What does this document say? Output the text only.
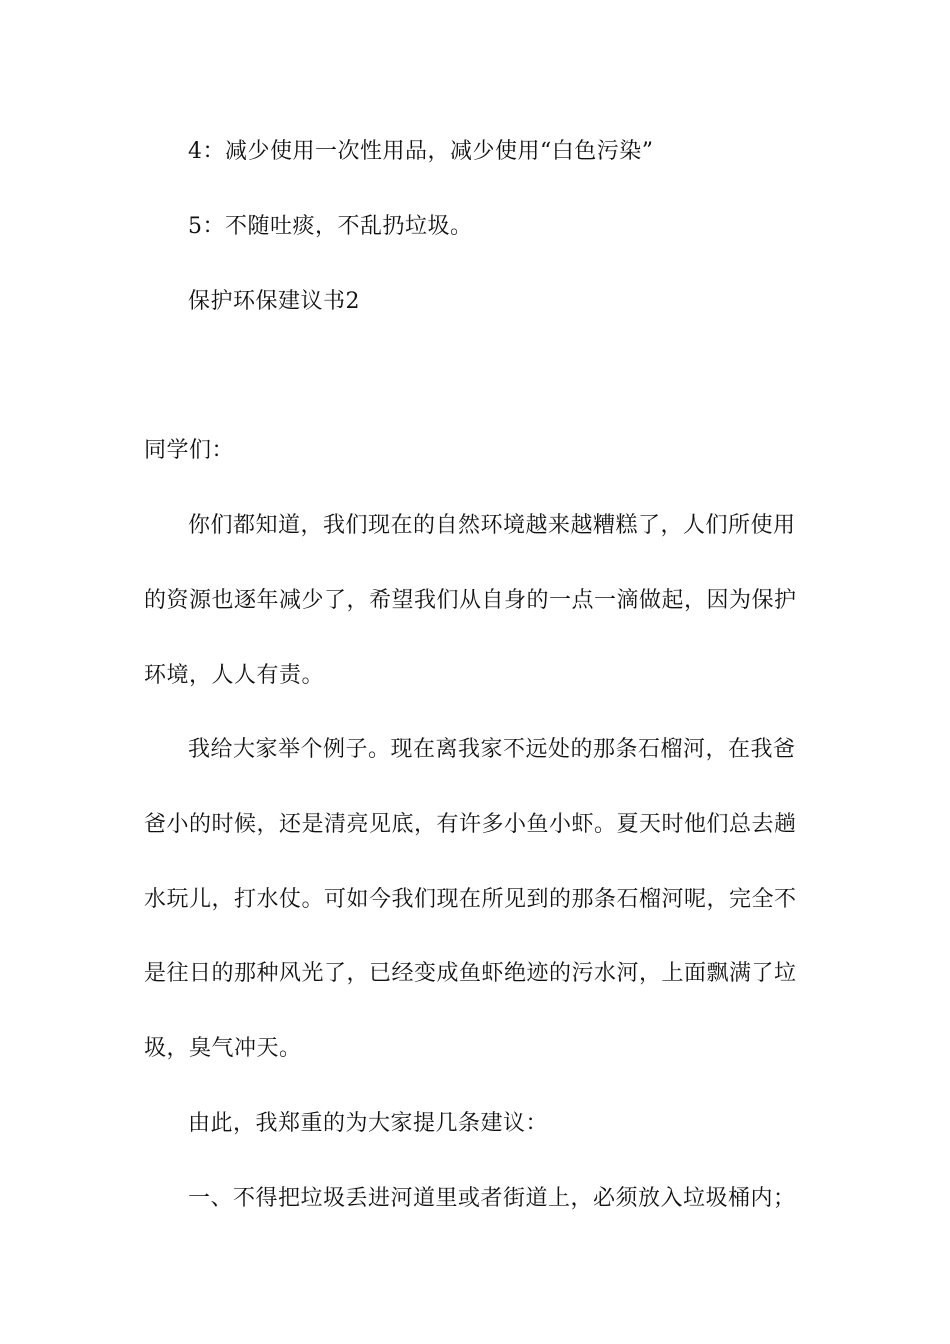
4：减少使用一次性用品，减少使用“白色污染”
5：不随吐痰，不乱扔垃圾。
保护环保建议书2
同学们：
你们都知道，我们现在的自然环境越来越糟糕了，人们所使用
的资源也逐年减少了，希望我们从自身的一点一滴做起，因为保护
环境，人人有责。
我给大家举个例子。现在离我家不远处的那条石榴河，在我爸
爸小的时候，还是清亮见底，有许多小鱼小虾。夏天时他们总去趟
水玩儿，打水仗。可如今我们现在所见到的那条石榴河呢，完全不
是往日的那种风光了，已经变成鱼虾绝迹的污水河，上面飘满了垃
圾，臭气冲天。
由此，我郑重的为大家提几条建议：
一、不得把垃圾丢进河道里或者街道上，必须放入垃圾桶内；
